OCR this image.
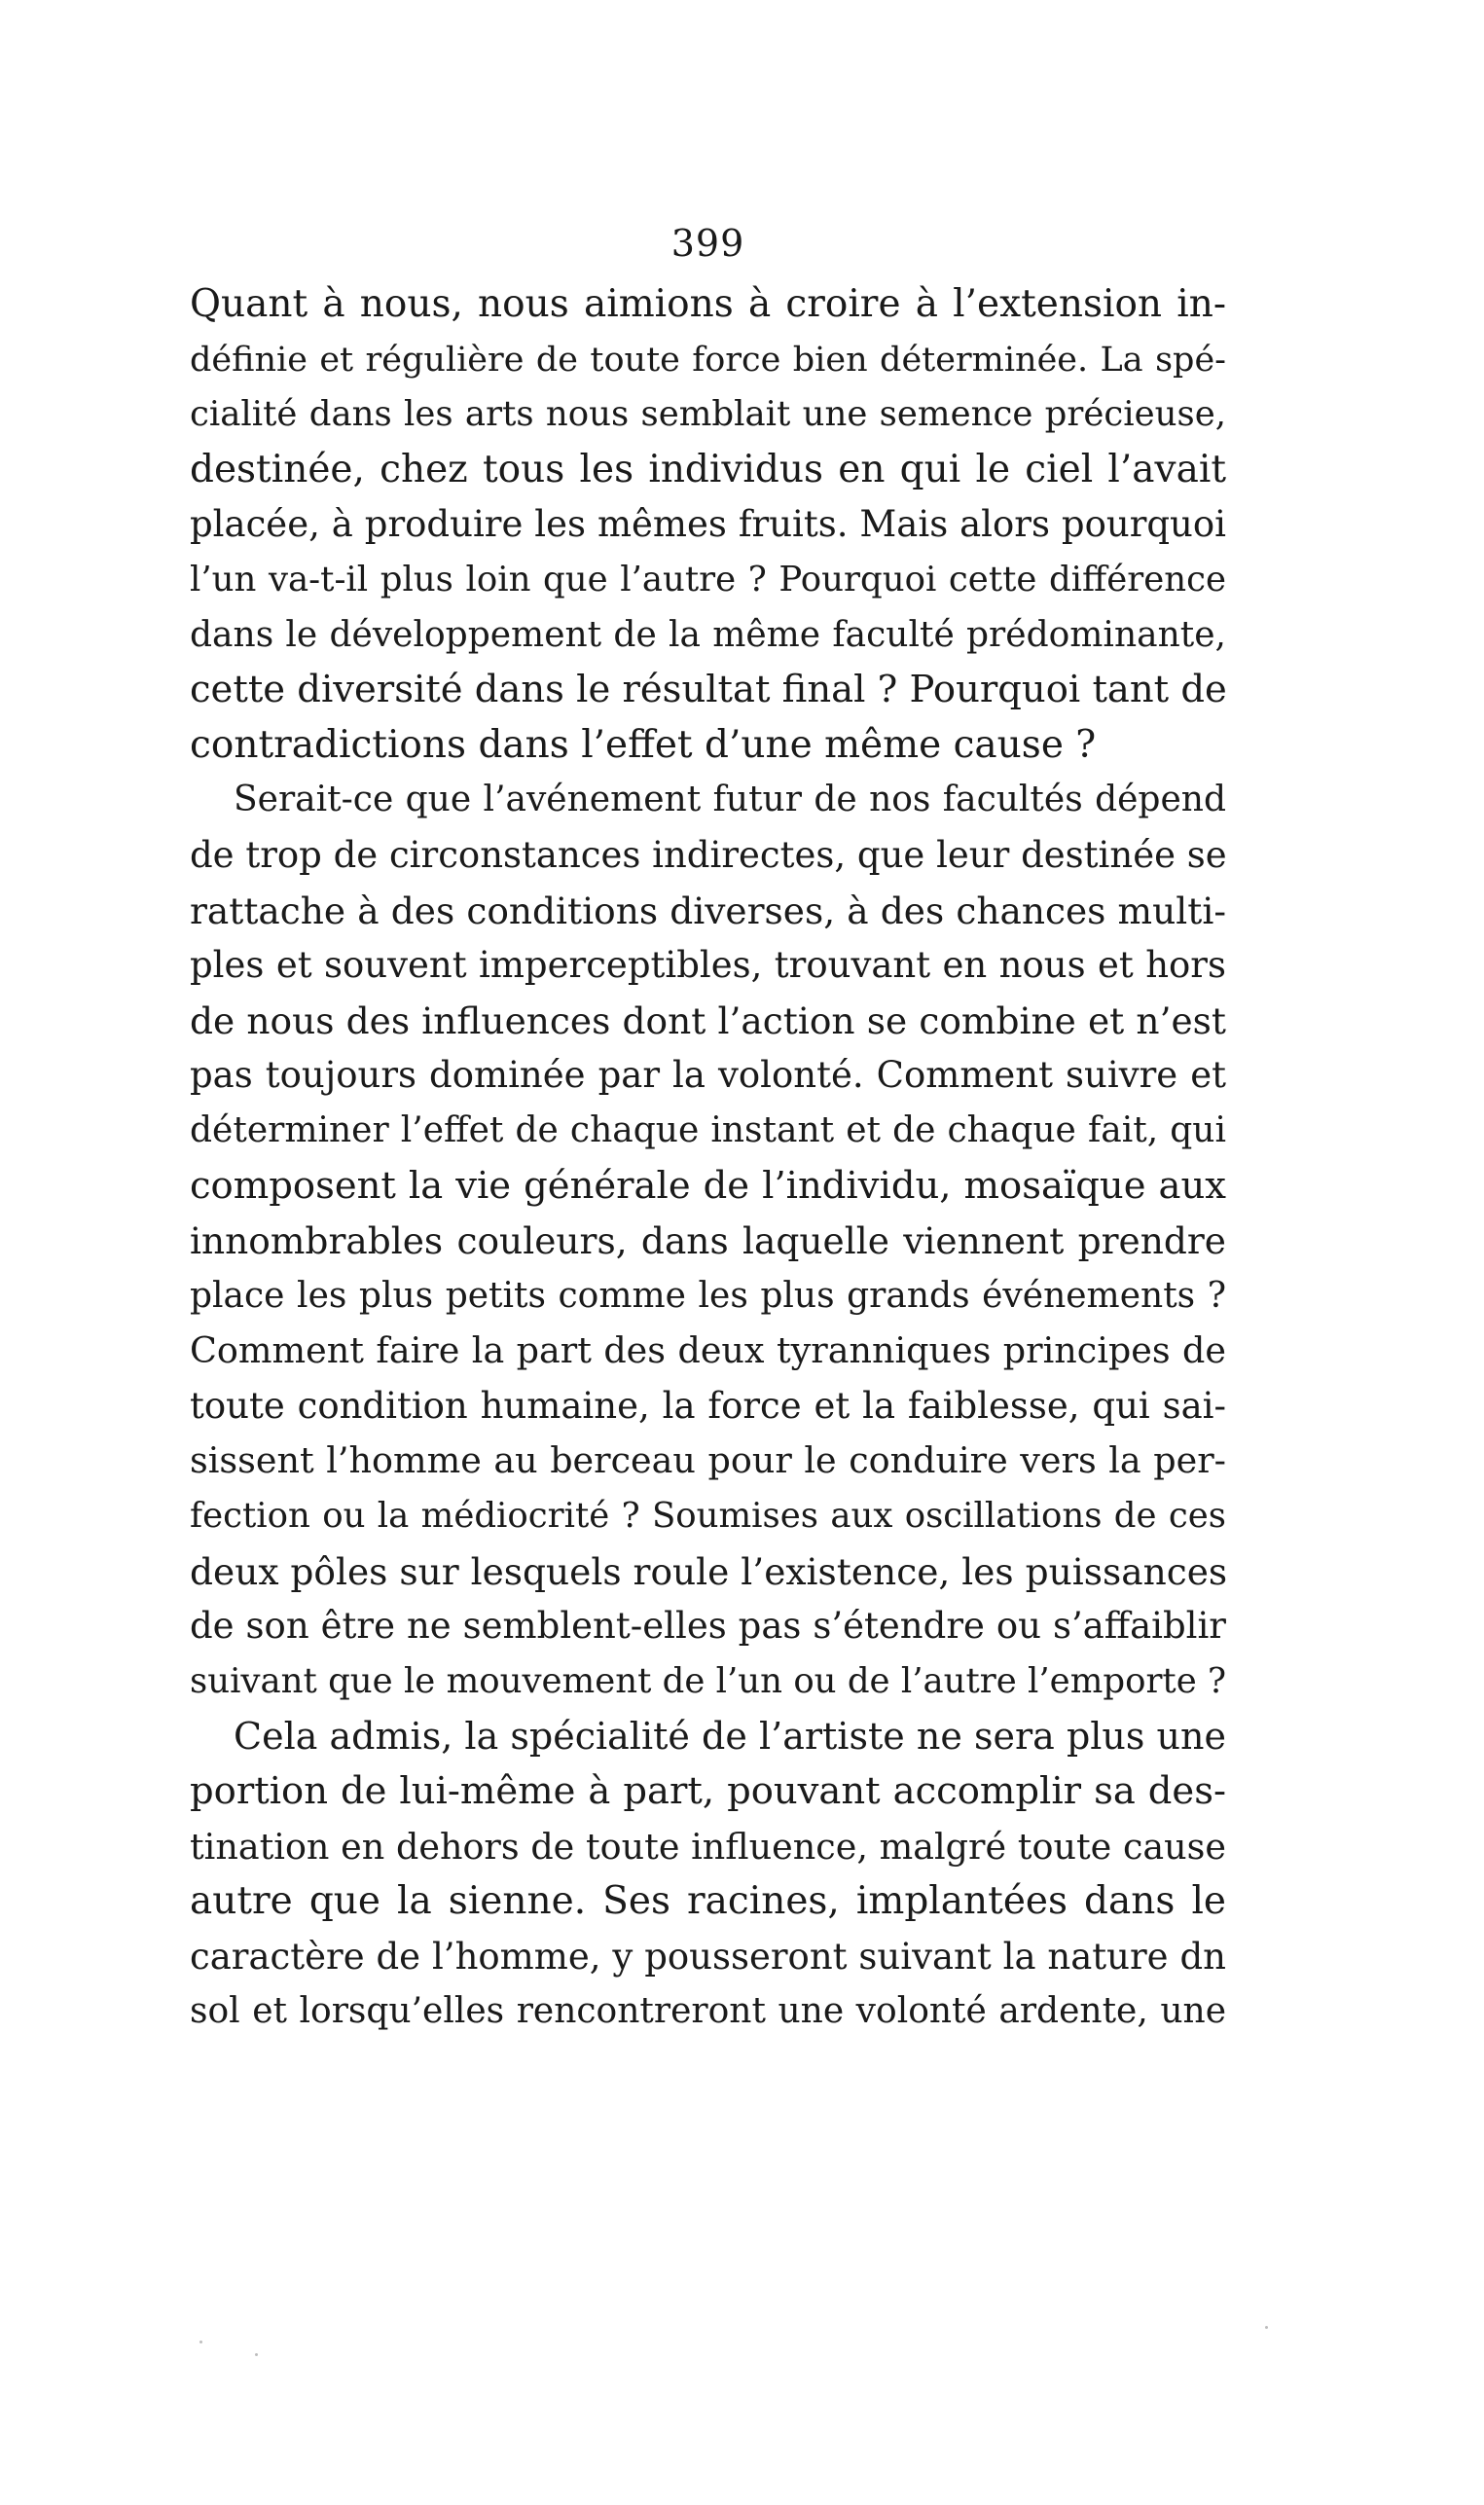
399
Quant à nous, nous aimions à croire à l’extension in-
définie et régulière de toute force bien déterminée. La spé-
cialité dans les arts nous semblait une semence précieuse,
destinée, chez tous les individus en qui le ciel l’avait
placée, à produire les mêmes fruits. Mais alors pourquoi
l’un va-t-il plus loin que l’autre ? Pourquoi cette différence
dans le développement de la même faculté prédominante,
cette diversité dans le résultat final ? Pourquoi tant de
contradictions dans l’effet d’une même cause ?
Serait-ce que l’avénement futur de nos facultés dépend
de trop de circonstances indirectes, que leur destinée se
rattache à des conditions diverses, à des chances multi-
ples et souvent imperceptibles, trouvant en nous et hors
de nous des influences dont l’action se combine et n’est
pas toujours dominée par la volonté. Comment suivre et
déterminer l’effet de chaque instant et de chaque fait, qui
composent la vie générale de l’individu, mosaïque aux
innombrables couleurs, dans laquelle viennent prendre
place les plus petits comme les plus grands événements ?
Comment faire la part des deux tyranniques principes de
toute condition humaine, la force et la faiblesse, qui sai-
sissent l’homme au berceau pour le conduire vers la per-
fection ou la médiocrité ? Soumises aux oscillations de ces
deux pôles sur lesquels roule l’existence, les puissances
de son être ne semblent-elles pas s’étendre ou s’affaiblir
suivant que le mouvement de l’un ou de l’autre l’emporte ?
Cela admis, la spécialité de l’artiste ne sera plus une
portion de lui-même à part, pouvant accomplir sa des-
tination en dehors de toute influence, malgré toute cause
autre que la sienne. Ses racines, implantées dans le
caractère de l’homme, y pousseront suivant la nature dn
sol et lorsqu’elles rencontreront une volonté ardente, une
